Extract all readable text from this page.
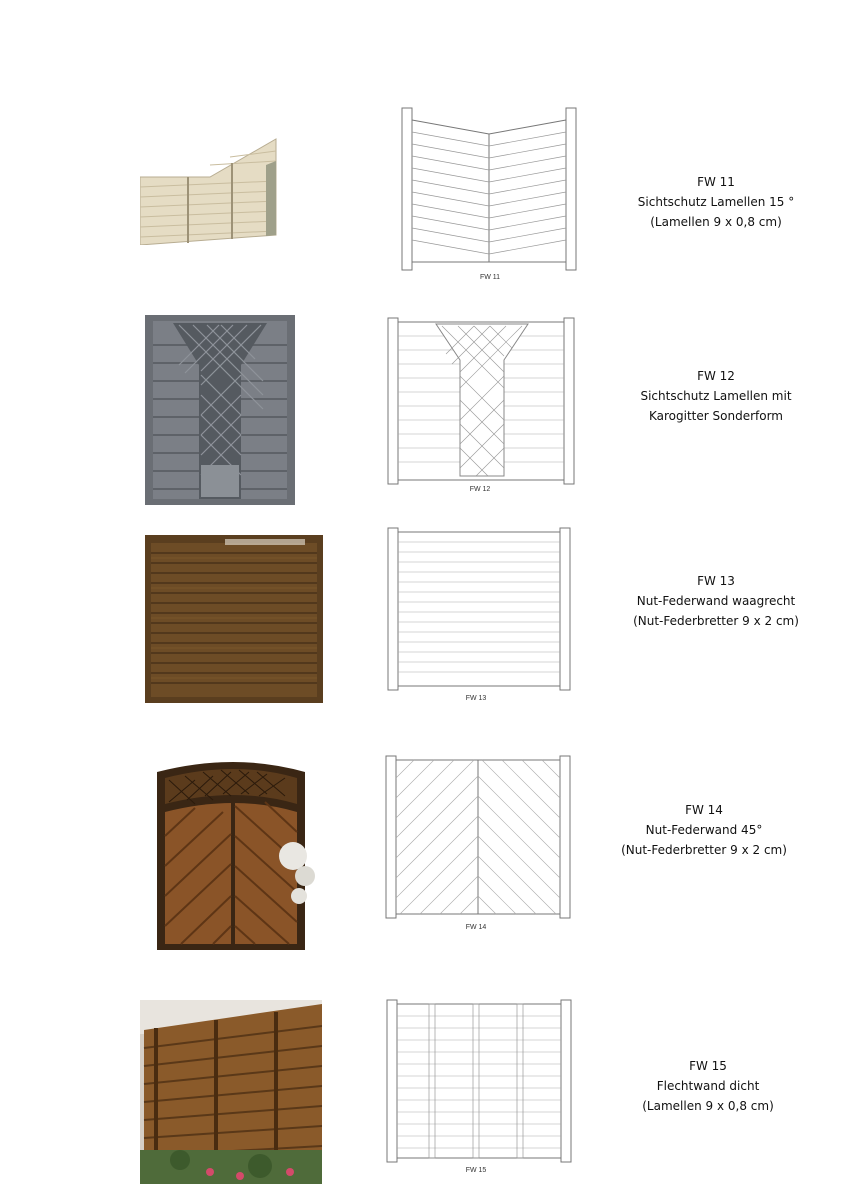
FW 11
FW 11
Sichtschutz Lamellen 15 °
(Lamellen 9 x 0,8 cm)
FW 12
FW 12
Sichtschutz Lamellen mit
Karogitter Sonderform
FW 13
FW 13
Nut-Federwand waagrecht
(Nut-Federbretter 9 x 2 cm)
FW 14
FW 14
Nut-Federwand 45°
(Nut-Federbretter 9 x 2 cm)
FW 15
FW 15
Flechtwand dicht
(Lamellen 9 x 0,8 cm)
